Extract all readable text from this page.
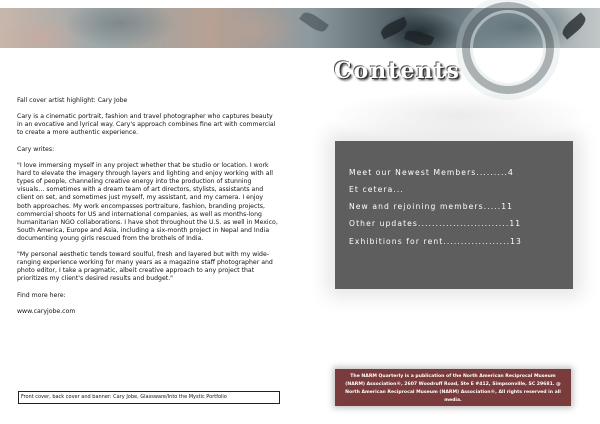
Fall cover artist highlight: Cary Jobe

Cary is a cinematic portrait, fashion and travel photographer who captures beauty in an evocative and lyrical way. Cary's approach combines fine art with commercial to create a more authentic experience.

Cary writes:

"I love immersing myself in any project whether that be studio or location. I work hard to elevate the imagery through layers and lighting and enjoy working with all types of people, channeling creative energy into the production of stunning visuals… sometimes with a dream team of art directors, stylists, assistants and client on set, and sometimes just myself, my assistant, and my camera. I enjoy both approaches. My work encompasses portraiture, fashion, branding projects, commercial shoots for US and international companies, as well as months-long humanitarian NGO collaborations. I have shot throughout the U.S. as well in Mexico, South America, Europe and Asia, including a six-month project in Nepal and India documenting young girls rescued from the brothels of India.

"My personal aesthetic tends toward soulful, fresh and layered but with my wide-ranging experience working for many years as a magazine staff photographer and photo editor, I take a pragmatic, albeit creative approach to any project that prioritizes my client's desired results and budget."

Find more here:

www.caryjobe.com

Front cover, back cover and banner: Cary Jobe, Glassware/Into the Mystic Portfolio
Contents
Meet our Newest Members.........4
Et cetera...
New and rejoining members.....11
Other updates..........................11
Exhibitions for rent...................13
The NARM Quarterly is a publication of the North American Reciprocal Museum (NARM) Association®, 2607 Woodruff Road, Ste E #412, Simpsonville, SC 29681. @ North American Reciprocal Museum (NARM) Association®, All rights reserved in all media.
